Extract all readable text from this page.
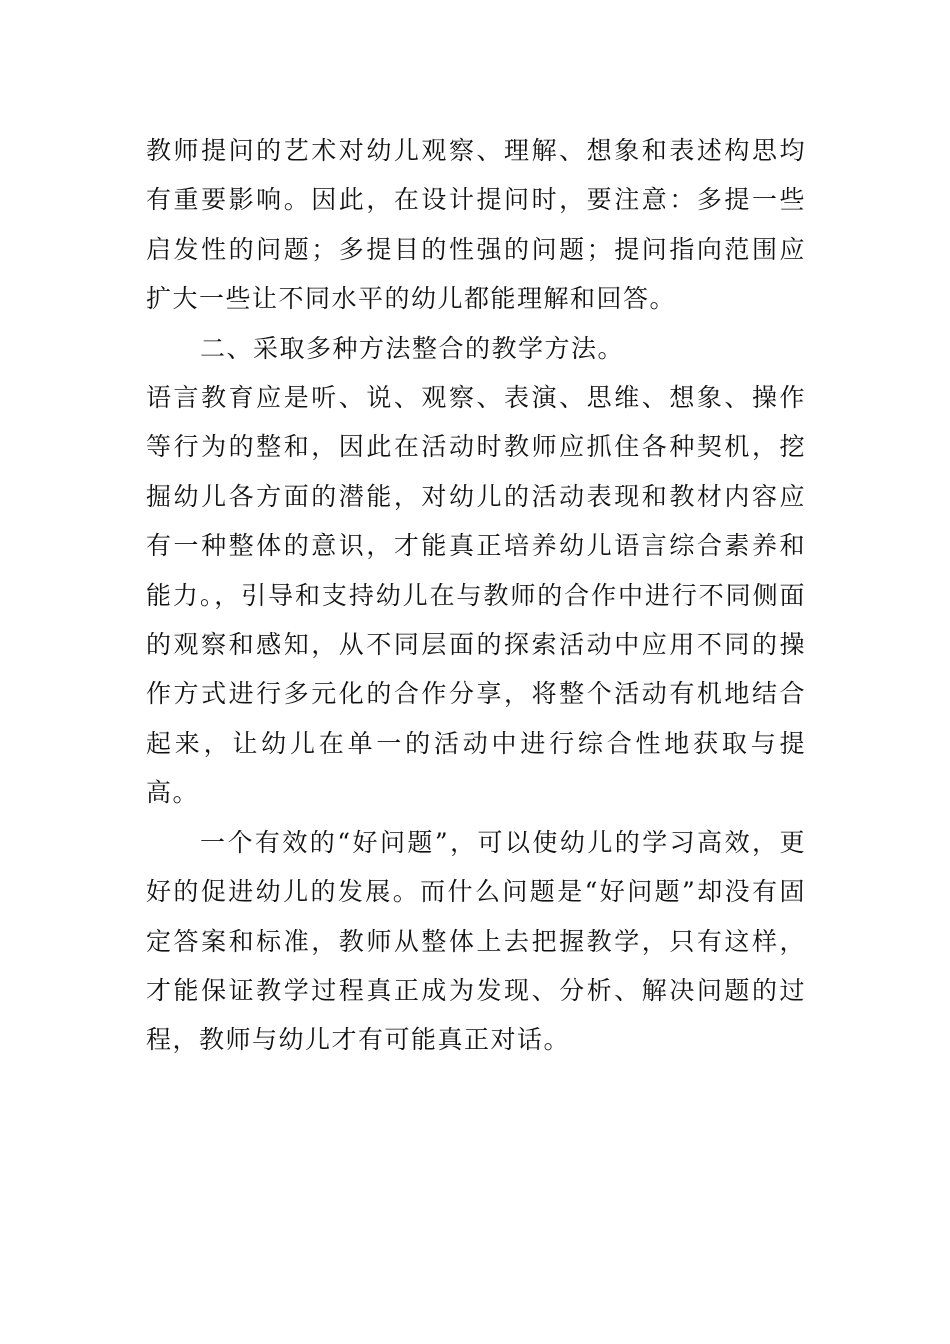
教师提问的艺术对幼儿观察、理解、想象和表述构思均有重要影响。因此，在设计提问时，要注意：多提一些启发性的问题；多提目的性强的问题；提问指向范围应扩大一些让不同水平的幼儿都能理解和回答。

二、采取多种方法整合的教学方法。

语言教育应是听、说、观察、表演、思维、想象、操作等行为的整和，因此在活动时教师应抓住各种契机，挖掘幼儿各方面的潜能，对幼儿的活动表现和教材内容应有一种整体的意识，才能真正培养幼儿语言综合素养和能力。，引导和支持幼儿在与教师的合作中进行不同侧面的观察和感知，从不同层面的探索活动中应用不同的操作方式进行多元化的合作分享，将整个活动有机地结合起来，让幼儿在单一的活动中进行综合性地获取与提高。

一个有效的“好问题”，可以使幼儿的学习高效，更好的促进幼儿的发展。而什么问题是“好问题”却没有固定答案和标准，教师从整体上去把握教学，只有这样，才能保证教学过程真正成为发现、分析、解决问题的过程，教师与幼儿才有可能真正对话。
